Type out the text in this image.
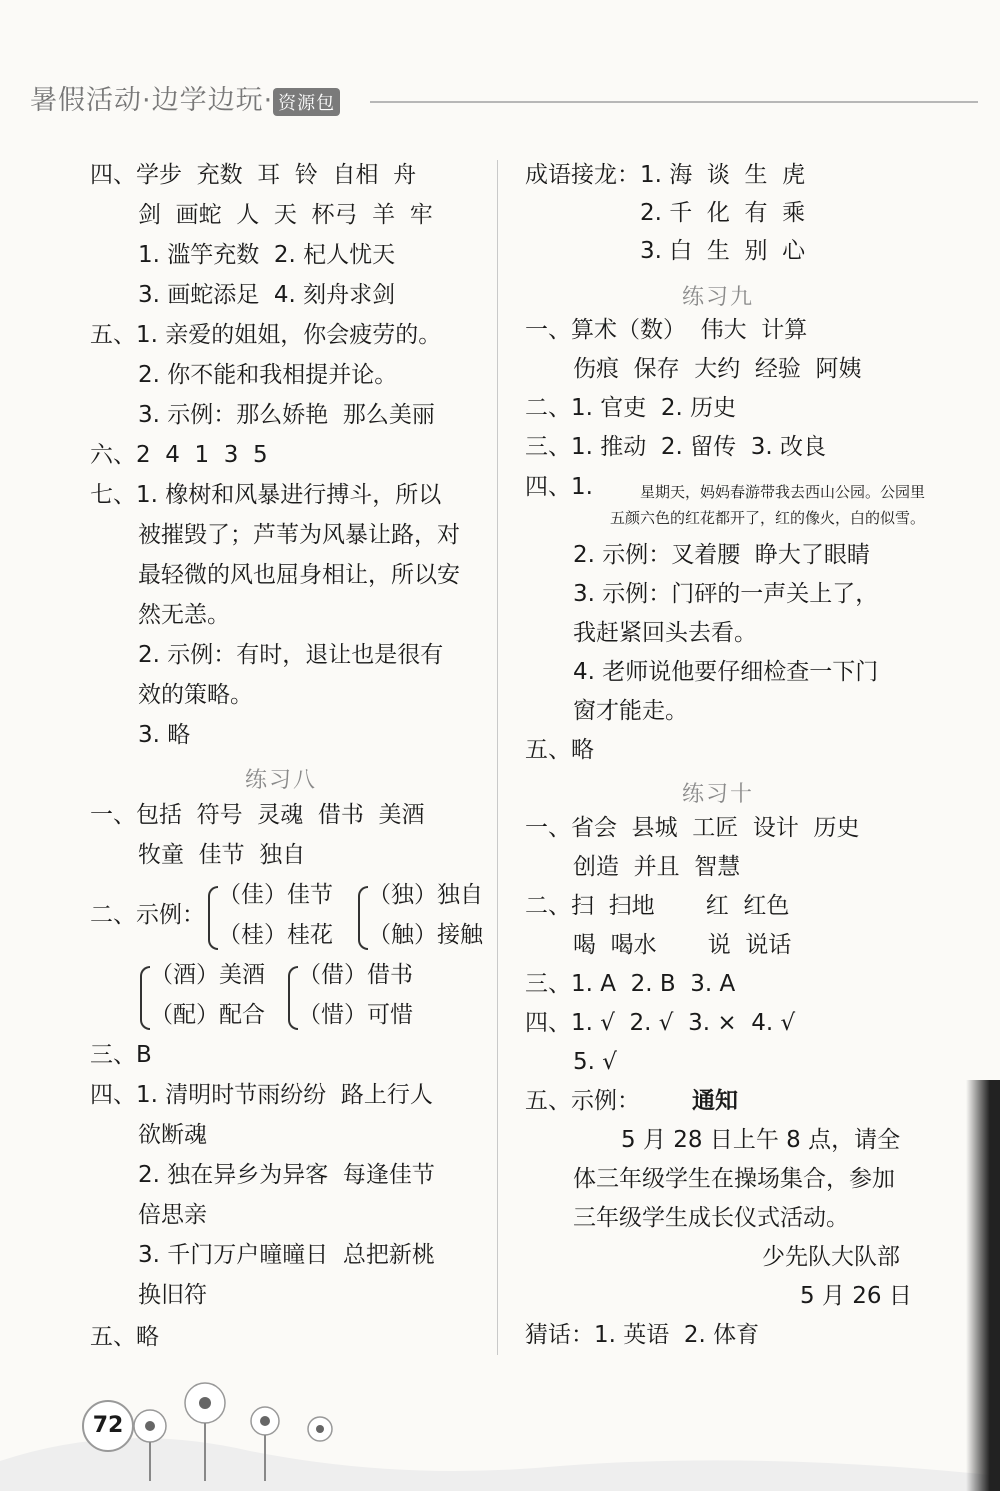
暑假活动·边学边玩· 资源包
四、学步  充数  耳  铃  自相  舟
剑  画蛇  人  天  杯弓  羊  牢
1. 滥竽充数  2. 杞人忧天
3. 画蛇添足  4. 刻舟求剑
五、1. 亲爱的姐姐，你会疲劳的。
2. 你不能和我相提并论。
3. 示例：那么娇艳  那么美丽
六、2  4  1  3  5
七、1. 橡树和风暴进行搏斗，所以
被摧毁了；芦苇为风暴让路，对
最轻微的风也屈身相让，所以安
然无恙。
2. 示例：有时，退让也是很有
效的策略。
3. 略
练习八
一、包括  符号  灵魂  借书  美酒
牧童  佳节  独自
二、示例：
（佳）佳节
（桂）桂花
（独）独自
（触）接触
（酒）美酒
（配）配合
（借）借书
（惜）可惜
三、B
四、1. 清明时节雨纷纷  路上行人
欲断魂
2. 独在异乡为异客  每逢佳节
倍思亲
3. 千门万户曈曈日  总把新桃
换旧符
五、略
成语接龙：1. 海  谈  生  虎
2. 千  化  有  乘
3. 白  生  别  心
练习九
一、算术（数）  伟大  计算
伤痕  保存  大约  经验  阿姨
二、1. 官吏  2. 历史
三、1. 推动  2. 留传  3. 改良
四、1.	星期天，妈妈春游带我去西山公园。公园里
五颜六色的红花都开了，红的像火，白的似雪。
2. 示例：叉着腰  睁大了眼睛
3. 示例：门砰的一声关上了，
我赶紧回头去看。
4. 老师说他要仔细检查一下门
窗才能走。
五、略
练习十
一、省会  县城  工匠  设计  历史
创造  并且  智慧
二、扫  扫地       红  红色
喝  喝水       说  说话
三、1. A  2. B  3. A
四、1. √  2. √  3. ×  4. √
5. √
五、示例： 通知
5 月 28 日上午 8 点，请全
体三年级学生在操场集合，参加
三年级学生成长仪式活动。
少先队大队部
5 月 26 日
猜话：1. 英语  2. 体育
72
